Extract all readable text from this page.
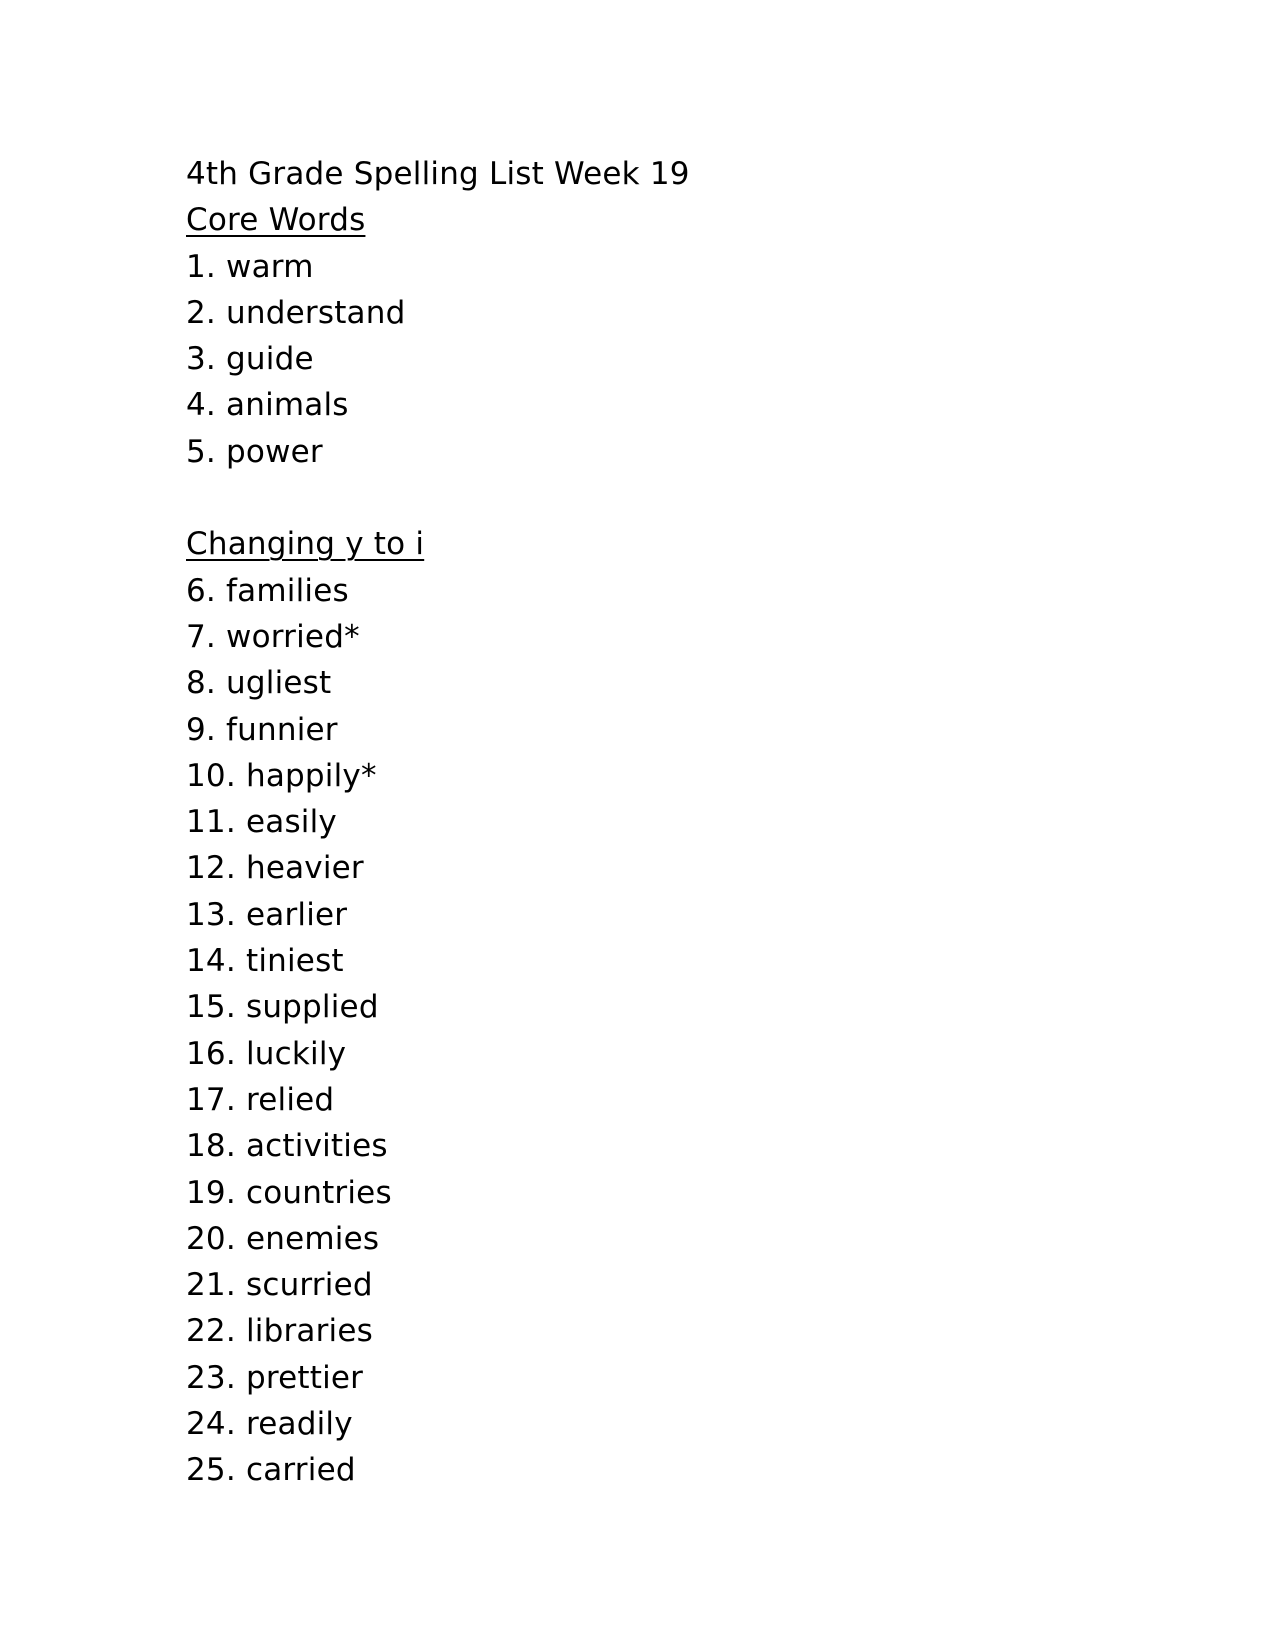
4th Grade Spelling List Week 19
Core Words
1. warm
2. understand
3. guide
4. animals
5. power
Changing y to i
6. families
7. worried*
8. ugliest
9. funnier
10. happily*
11. easily
12. heavier
13. earlier
14. tiniest
15. supplied
16. luckily
17. relied
18. activities
19. countries
20. enemies
21. scurried
22. libraries
23. prettier
24. readily
25. carried
